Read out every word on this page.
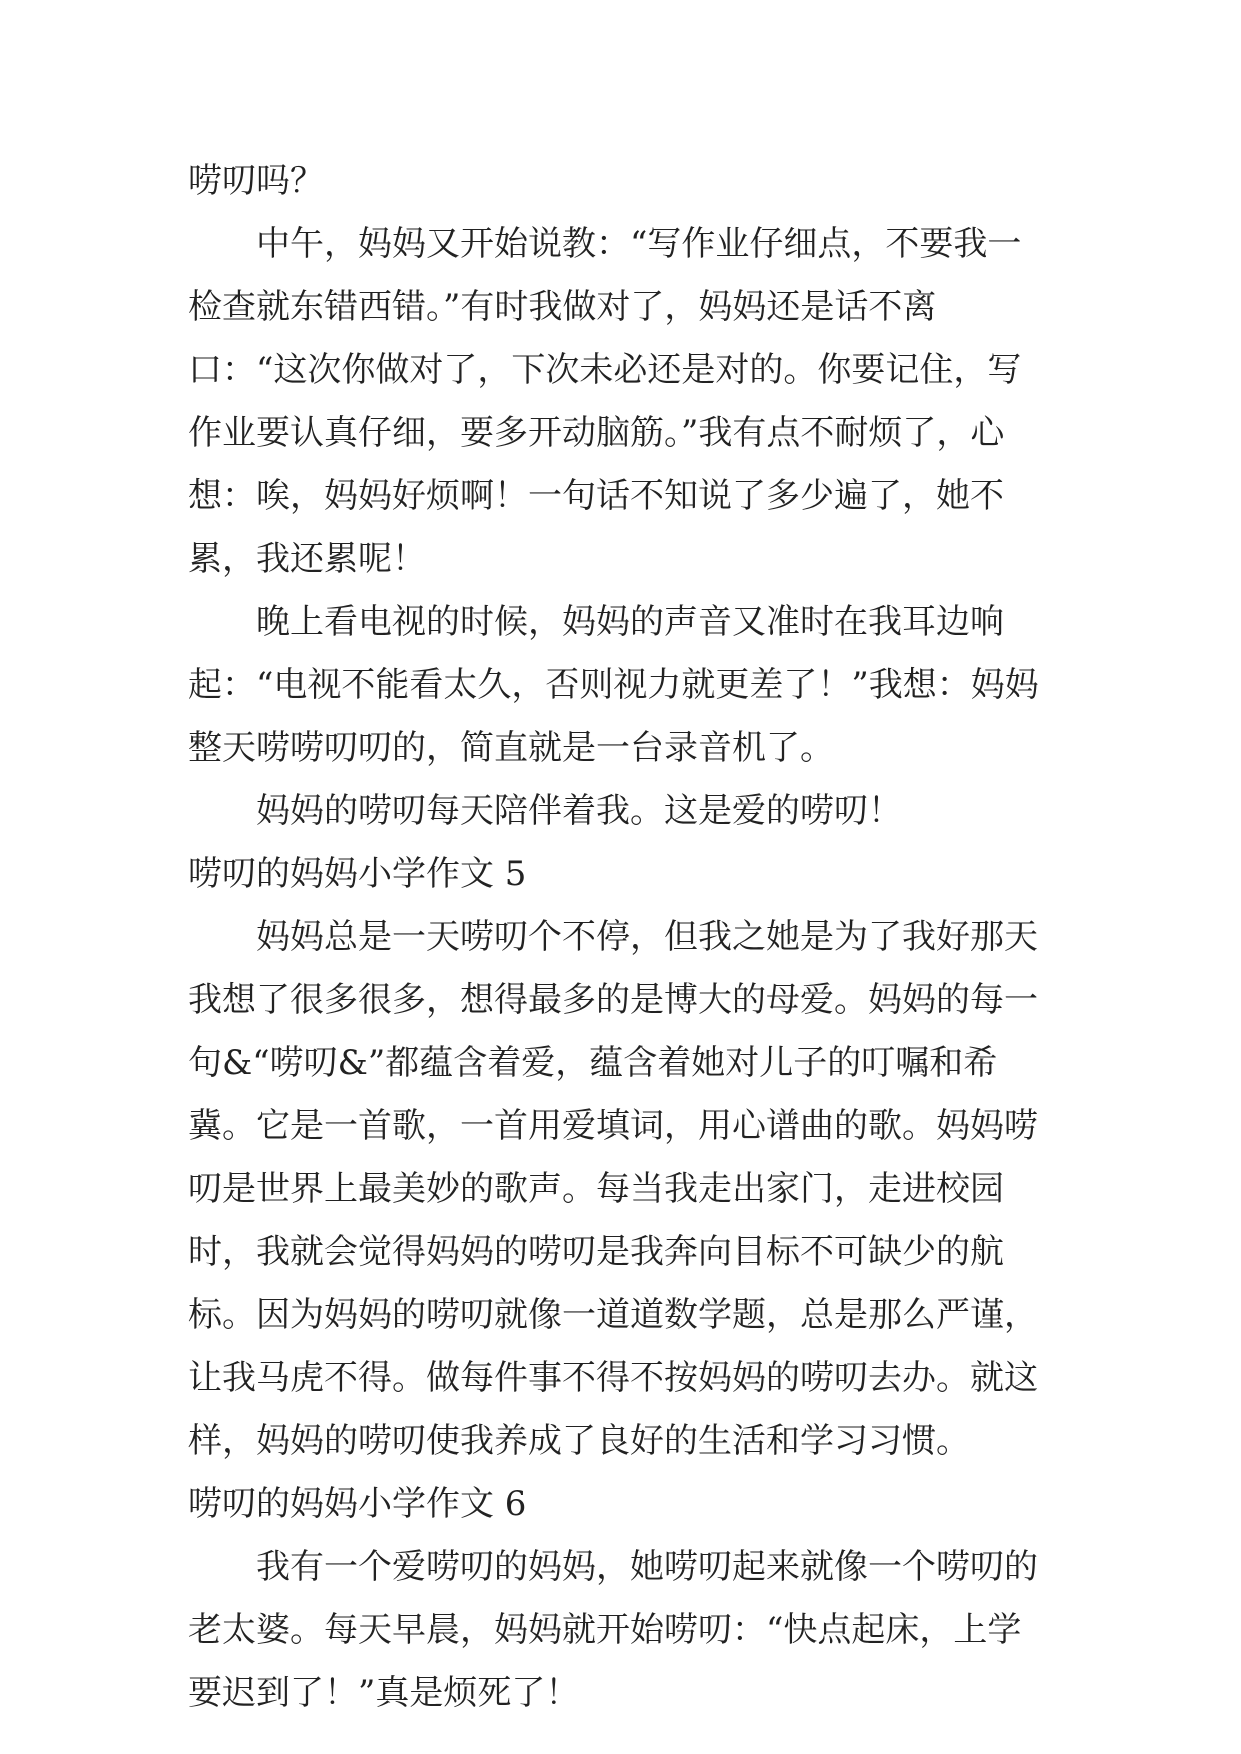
唠叨吗？

中午，妈妈又开始说教：“写作业仔细点，不要我一检查就东错西错。”有时我做对了，妈妈还是话不离口：“这次你做对了，下次未必还是对的。你要记住，写作业要认真仔细，要多开动脑筋。”我有点不耐烦了，心想：唉，妈妈好烦啊！一句话不知说了多少遍了，她不累，我还累呢！

晚上看电视的时候，妈妈的声音又准时在我耳边响起：“电视不能看太久，否则视力就更差了！”我想：妈妈整天唠唠叨叨的，简直就是一台录音机了。

妈妈的唠叨每天陪伴着我。这是爱的唠叨！

唠叨的妈妈小学作文 5

妈妈总是一天唠叨个不停，但我之她是为了我好那天我想了很多很多，想得最多的是博大的母爱。妈妈的每一句&“唠叨&”都蕴含着爱，蕴含着她对儿子的叮嘱和希冀。它是一首歌，一首用爱填词，用心谱曲的歌。妈妈唠叨是世界上最美妙的歌声。每当我走出家门，走进校园时，我就会觉得妈妈的唠叨是我奔向目标不可缺少的航标。因为妈妈的唠叨就像一道道数学题，总是那么严谨，让我马虎不得。做每件事不得不按妈妈的唠叨去办。就这样，妈妈的唠叨使我养成了良好的生活和学习习惯。

唠叨的妈妈小学作文 6

我有一个爱唠叨的妈妈，她唠叨起来就像一个唠叨的老太婆。每天早晨，妈妈就开始唠叨：“快点起床，上学要迟到了！”真是烦死了！
